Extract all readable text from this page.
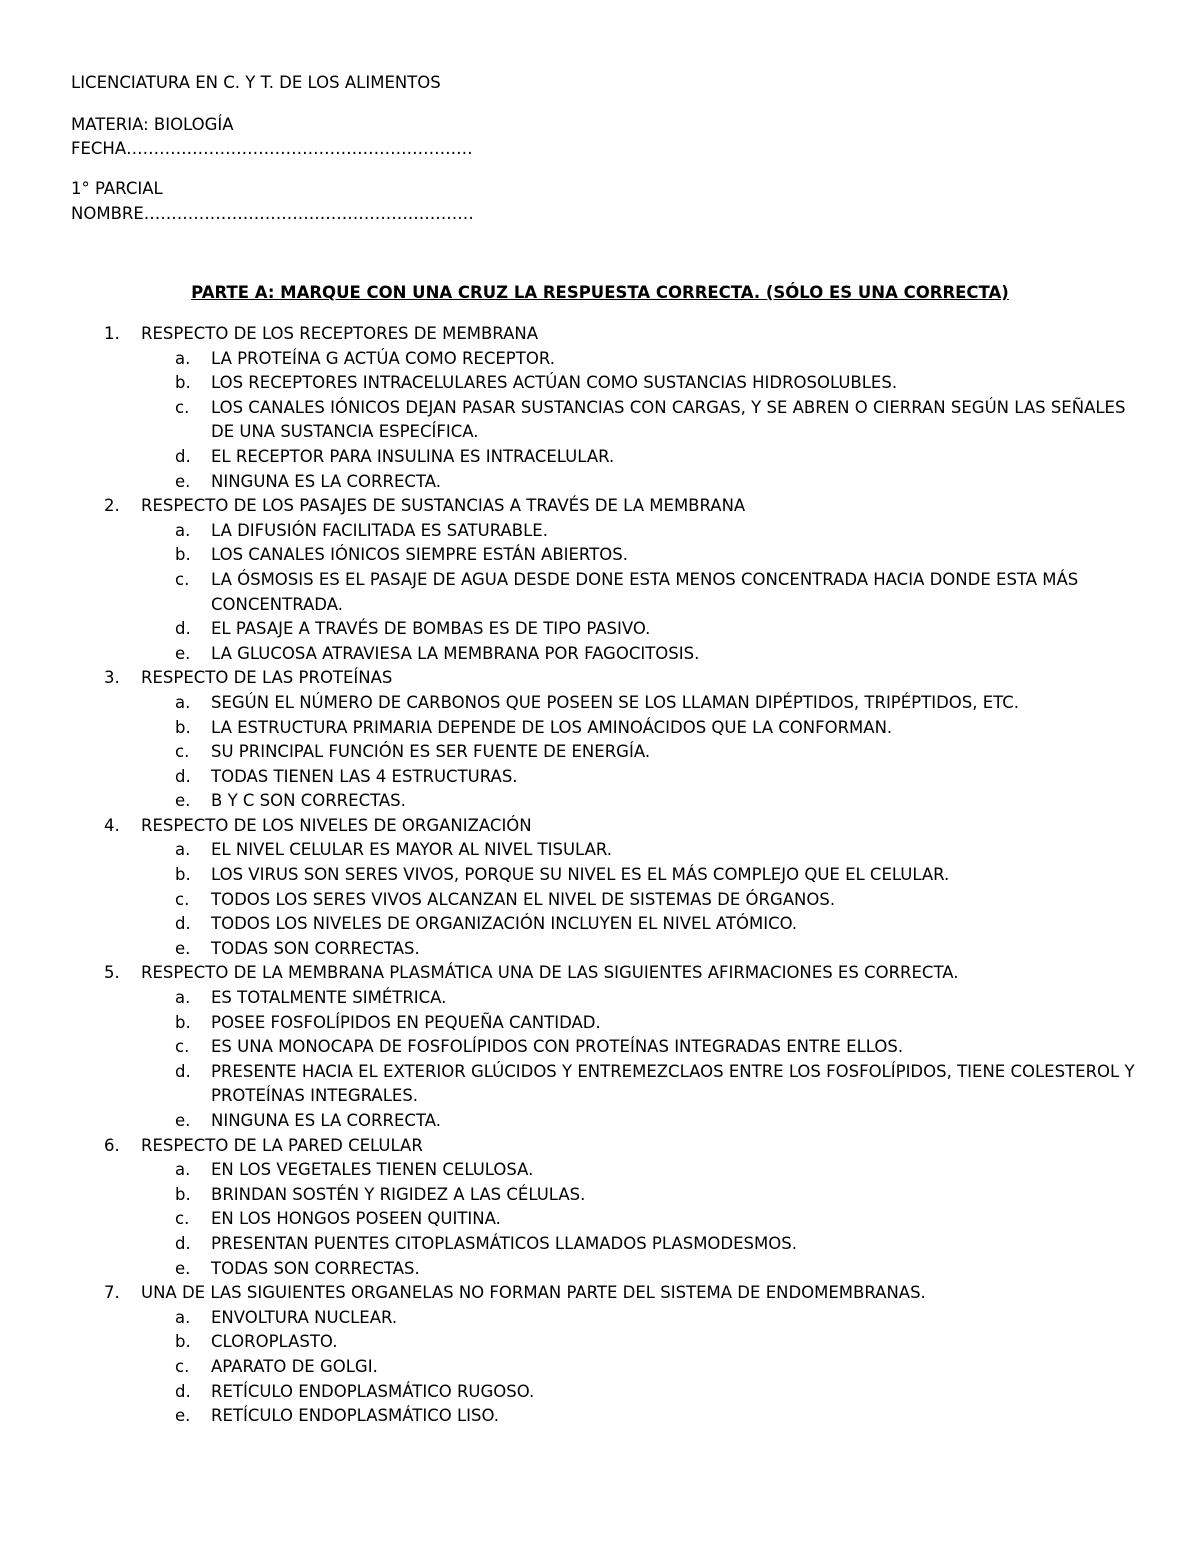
LICENCIATURA EN C. Y T. DE LOS ALIMENTOS
MATERIA: BIOLOGÍA
FECHA………………………………………………………
1° PARCIAL
NOMBRE……………………………………………………
PARTE A: MARQUE CON UNA CRUZ LA RESPUESTA CORRECTA. (SÓLO ES UNA CORRECTA)
1.	RESPECTO DE LOS RECEPTORES DE MEMBRANA
a.	LA PROTEÍNA G ACTÚA COMO RECEPTOR.
b.	LOS RECEPTORES INTRACELULARES ACTÚAN COMO SUSTANCIAS HIDROSOLUBLES.
c.	LOS CANALES IÓNICOS DEJAN PASAR SUSTANCIAS CON CARGAS, Y SE ABREN O CIERRAN SEGÚN LAS SEÑALES DE UNA SUSTANCIA ESPECÍFICA.
d.	EL RECEPTOR PARA INSULINA ES INTRACELULAR.
e.	NINGUNA ES LA CORRECTA.
2.	RESPECTO DE LOS PASAJES DE SUSTANCIAS A TRAVÉS DE LA MEMBRANA
a.	LA DIFUSIÓN FACILITADA ES SATURABLE.
b.	LOS CANALES IÓNICOS SIEMPRE ESTÁN ABIERTOS.
c.	LA ÓSMOSIS ES EL PASAJE DE AGUA DESDE DONE ESTA MENOS CONCENTRADA HACIA DONDE ESTA MÁS CONCENTRADA.
d.	EL PASAJE A TRAVÉS DE BOMBAS ES DE TIPO PASIVO.
e.	LA GLUCOSA ATRAVIESA LA MEMBRANA POR FAGOCITOSIS.
3.	RESPECTO DE LAS PROTEÍNAS
a.	SEGÚN EL NÚMERO DE CARBONOS QUE POSEEN SE LOS LLAMAN DIPÉPTIDOS, TRIPÉPTIDOS, ETC.
b.	LA ESTRUCTURA PRIMARIA DEPENDE DE LOS AMINOÁCIDOS QUE LA CONFORMAN.
c.	SU PRINCIPAL FUNCIÓN ES SER FUENTE DE ENERGÍA.
d.	TODAS TIENEN LAS 4 ESTRUCTURAS.
e.	B Y C SON CORRECTAS.
4.	RESPECTO DE LOS NIVELES DE ORGANIZACIÓN
a.	EL NIVEL CELULAR ES MAYOR AL NIVEL TISULAR.
b.	LOS VIRUS SON SERES VIVOS, PORQUE SU NIVEL ES EL MÁS COMPLEJO QUE EL CELULAR.
c.	TODOS LOS SERES VIVOS ALCANZAN EL NIVEL DE SISTEMAS DE ÓRGANOS.
d.	TODOS LOS NIVELES DE ORGANIZACIÓN INCLUYEN EL NIVEL ATÓMICO.
e.	TODAS SON CORRECTAS.
5.	RESPECTO DE LA MEMBRANA PLASMÁTICA UNA DE LAS SIGUIENTES AFIRMACIONES ES CORRECTA.
a.	ES TOTALMENTE SIMÉTRICA.
b.	POSEE FOSFOLÍPIDOS EN PEQUEÑA CANTIDAD.
c.	ES UNA MONOCAPA DE FOSFOLÍPIDOS CON PROTEÍNAS INTEGRADAS ENTRE ELLOS.
d.	PRESENTE HACIA EL EXTERIOR GLÚCIDOS Y ENTREMEZCLAOS ENTRE LOS FOSFOLÍPIDOS, TIENE COLESTEROL Y PROTEÍNAS INTEGRALES.
e.	NINGUNA ES LA CORRECTA.
6.	RESPECTO DE LA PARED CELULAR
a.	EN LOS VEGETALES TIENEN CELULOSA.
b.	BRINDAN SOSTÉN Y RIGIDEZ A LAS CÉLULAS.
c.	EN LOS HONGOS POSEEN QUITINA.
d.	PRESENTAN PUENTES CITOPLASMÁTICOS LLAMADOS PLASMODESMOS.
e.	TODAS SON CORRECTAS.
7.	UNA DE LAS SIGUIENTES ORGANELAS NO FORMAN PARTE DEL SISTEMA DE ENDOMEMBRANAS.
a.	ENVOLTURA NUCLEAR.
b.	CLOROPLASTO.
c.	APARATO DE GOLGI.
d.	RETÍCULO ENDOPLASMÁTICO RUGOSO.
e.	RETÍCULO ENDOPLASMÁTICO LISO.
